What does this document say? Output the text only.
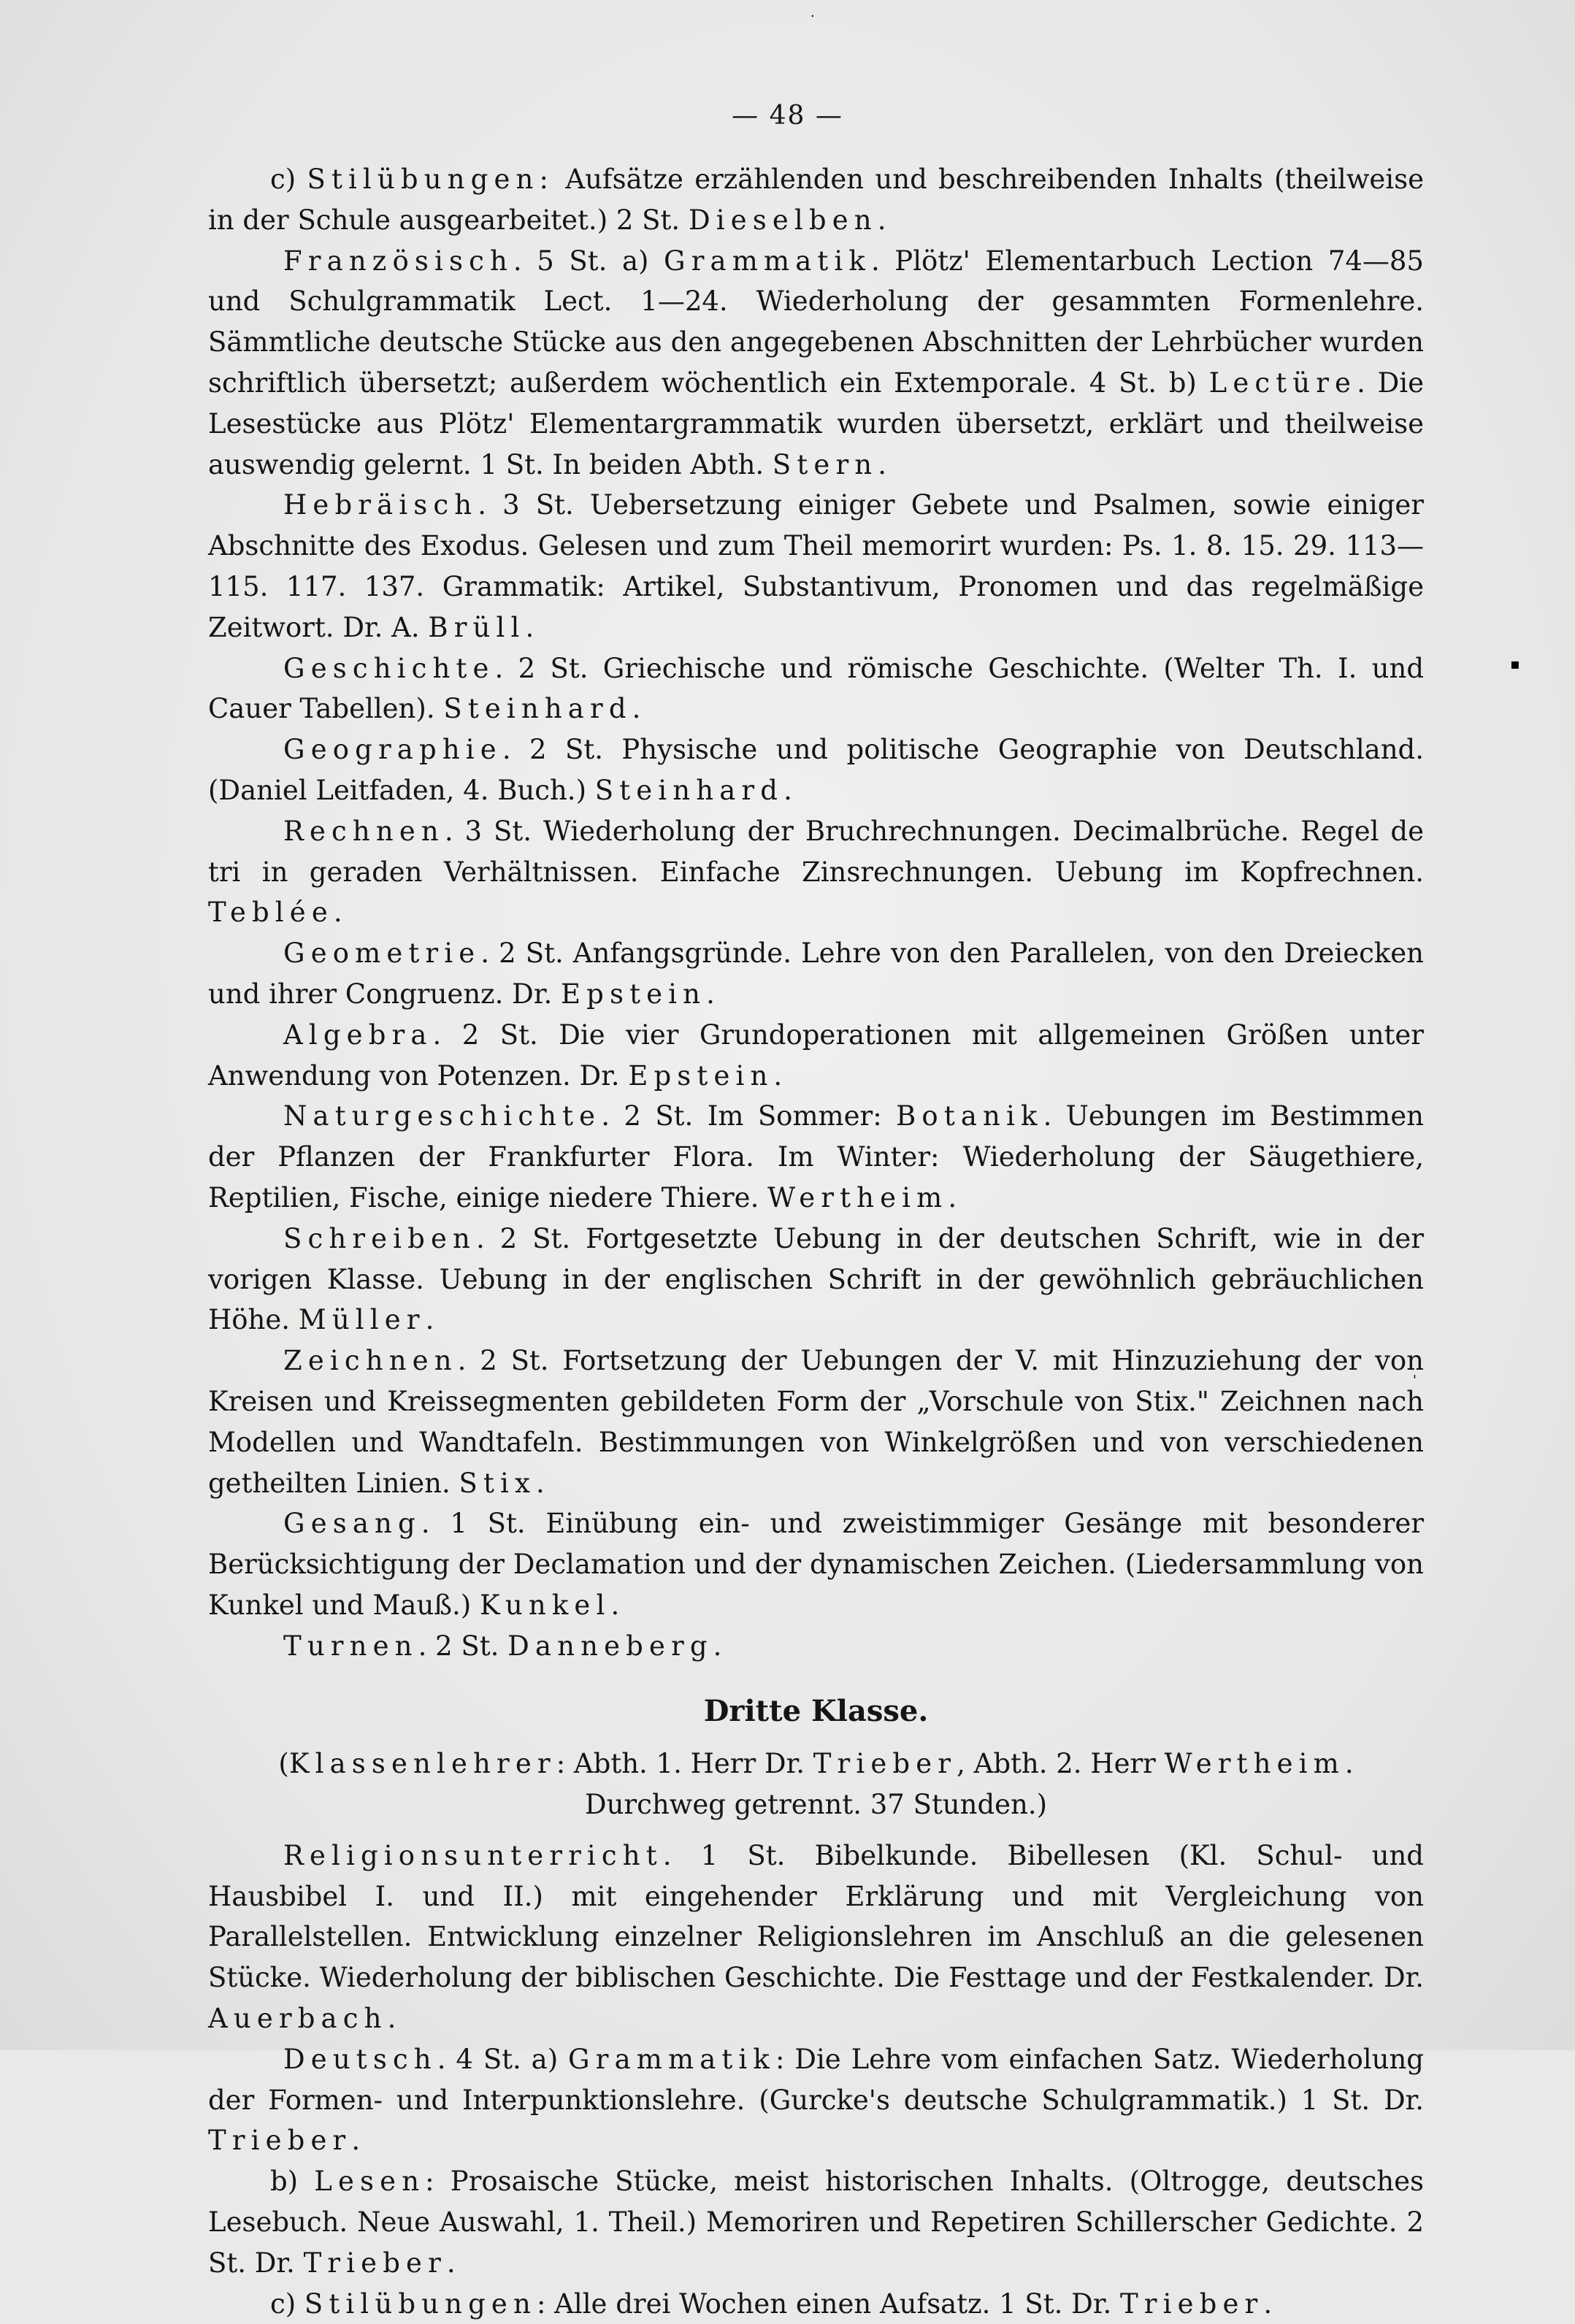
— 48 —

c) Stilübungen: Aufsätze erzählenden und beschreibenden Inhalts (theilweise in der Schule ausgearbeitet.) 2 St. Dieselben.

Französisch. 5 St. a) Grammatik. Plötz' Elementarbuch Lection 74—85 und Schulgrammatik Lect. 1—24. Wiederholung der gesammten Formenlehre. Sämmtliche deutsche Stücke aus den angegebenen Abschnitten der Lehrbücher wurden schriftlich übersetzt; außerdem wöchentlich ein Extemporale. 4 St. b) Lectüre. Die Lesestücke aus Plötz' Elementargrammatik wurden übersetzt, erklärt und theilweise auswendig gelernt. 1 St. In beiden Abth. Stern.

Hebräisch. 3 St. Uebersetzung einiger Gebete und Psalmen, sowie einiger Abschnitte des Exodus. Gelesen und zum Theil memorirt wurden: Ps. 1. 8. 15. 29. 113—115. 117. 137. Grammatik: Artikel, Substantivum, Pronomen und das regelmäßige Zeitwort. Dr. A. Brüll.

Geschichte. 2 St. Griechische und römische Geschichte. (Welter Th. I. und Cauer Tabellen). Steinhard.

Geographie. 2 St. Physische und politische Geographie von Deutschland. (Daniel Leitfaden, 4. Buch.) Steinhard.

Rechnen. 3 St. Wiederholung der Bruchrechnungen. Decimalbrüche. Regel de tri in geraden Verhältnissen. Einfache Zinsrechnungen. Uebung im Kopfrechnen. Teblée.

Geometrie. 2 St. Anfangsgründe. Lehre von den Parallelen, von den Dreiecken und ihrer Congruenz. Dr. Epstein.

Algebra. 2 St. Die vier Grundoperationen mit allgemeinen Größen unter Anwendung von Potenzen. Dr. Epstein.

Naturgeschichte. 2 St. Im Sommer: Botanik. Uebungen im Bestimmen der Pflanzen der Frankfurter Flora. Im Winter: Wiederholung der Säugethiere, Reptilien, Fische, einige niedere Thiere. Wertheim.

Schreiben. 2 St. Fortgesetzte Uebung in der deutschen Schrift, wie in der vorigen Klasse. Uebung in der englischen Schrift in der gewöhnlich gebräuchlichen Höhe. Müller.

Zeichnen. 2 St. Fortsetzung der Uebungen der V. mit Hinzuziehung der von Kreisen und Kreissegmenten gebildeten Form der „Vorschule von Stix." Zeichnen nach Modellen und Wandtafeln. Bestimmungen von Winkelgrößen und von verschiedenen getheilten Linien. Stix.

Gesang. 1 St. Einübung ein- und zweistimmiger Gesänge mit besonderer Berücksichtigung der Declamation und der dynamischen Zeichen. (Liedersammlung von Kunkel und Mauß.) Kunkel.

Turnen. 2 St. Danneberg.

Dritte Klasse.

(Klassenlehrer: Abth. 1. Herr Dr. Trieber, Abth. 2. Herr Wertheim. Durchweg getrennt. 37 Stunden.)

Religionsunterricht. 1 St. Bibelkunde. Bibellesen (Kl. Schul- und Hausbibel I. und II.) mit eingehender Erklärung und mit Vergleichung von Parallelstellen. Entwicklung einzelner Religionslehren im Anschluß an die gelesenen Stücke. Wiederholung der biblischen Geschichte. Die Festtage und der Festkalender. Dr. Auerbach.

Deutsch. 4 St. a) Grammatik: Die Lehre vom einfachen Satz. Wiederholung der Formen- und Interpunktionslehre. (Gurcke's deutsche Schulgrammatik.) 1 St. Dr. Trieber.

b) Lesen: Prosaische Stücke, meist historischen Inhalts. (Oltrogge, deutsches Lesebuch. Neue Auswahl, 1. Theil.) Memoriren und Repetiren Schillerscher Gedichte. 2 St. Dr. Trieber.

c) Stilübungen: Alle drei Wochen einen Aufsatz. 1 St. Dr. Trieber.

▪
·
'
